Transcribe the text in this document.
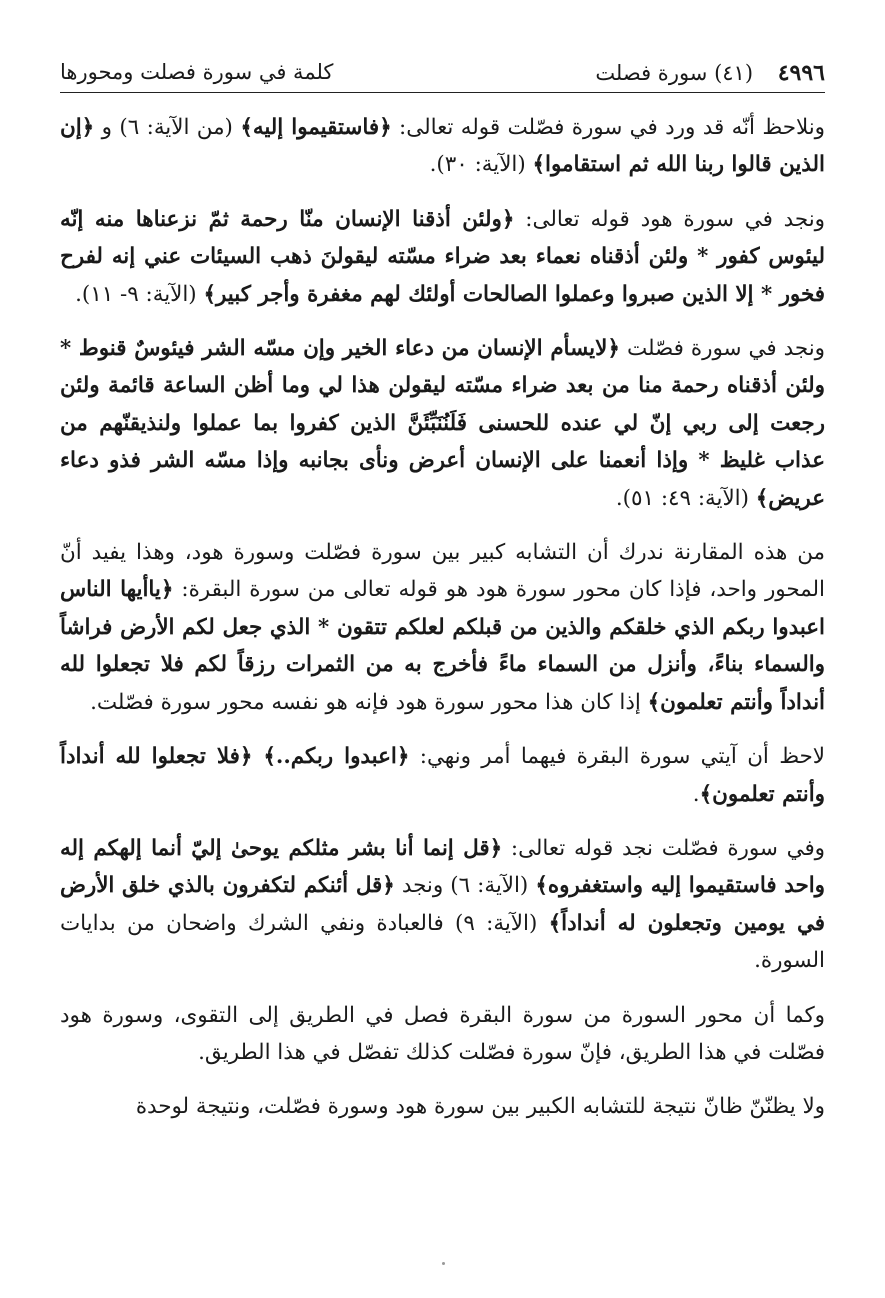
٤٩٩٦ (٤١) سورة فصلت
كلمة في سورة فصلت ومحورها

ونلاحظ أنّه قد ورد في سورة فصّلت قوله تعالى: ﴿فاستقيموا إليه﴾ (من الآية: ٦) و ﴿إن الذين قالوا ربنا الله ثم استقاموا﴾ (الآية: ٣٠).

ونجد في سورة هود قوله تعالى: ﴿ولئن أذقنا الإنسان منّا رحمة ثمّ نزعناها منه إنّه ليئوس كفور * ولئن أذقناه نعماء بعد ضراء مسّته ليقولنَ ذهب السيئات عني إنه لفرح فخور * إلا الذين صبروا وعملوا الصالحات أولئك لهم مغفرة وأجر كبير﴾ (الآية: ٩- ١١).

ونجد في سورة فصّلت ﴿لايسأم الإنسان من دعاء الخير وإن مسّه الشر فيئوسٌ قنوط * ولئن أذقناه رحمة منا من بعد ضراء مسّته ليقولن هذا لي وما أظن الساعة قائمة ولئن رجعت إلى ربي إنّ لي عنده للحسنى فَلَنُنَبِّئَنَّ الذين كفروا بما عملوا ولنذيقنّهم من عذاب غليظ * وإذا أنعمنا على الإنسان أعرض ونأى بجانبه وإذا مسّه الشر فذو دعاء عريض﴾ (الآية: ٤٩: ٥١).

من هذه المقارنة ندرك أن التشابه كبير بين سورة فصّلت وسورة هود، وهذا يفيد أنّ المحور واحد، فإذا كان محور سورة هود هو قوله تعالى من سورة البقرة: ﴿ياأيها الناس اعبدوا ربكم الذي خلقكم والذين من قبلكم لعلكم تتقون * الذي جعل لكم الأرض فراشاً والسماء بناءً، وأنزل من السماء ماءً فأخرج به من الثمرات رزقاً لكم فلا تجعلوا لله أنداداً وأنتم تعلمون﴾ إذا كان هذا محور سورة هود فإنه هو نفسه محور سورة فصّلت.

لاحظ أن آيتي سورة البقرة فيهما أمر ونهي: ﴿اعبدوا ربكم..﴾ ﴿فلا تجعلوا لله أنداداً وأنتم تعلمون﴾.

وفي سورة فصّلت نجد قوله تعالى: ﴿قل إنما أنا بشر مثلكم يوحىٰ إليّ أنما إلهكم إله واحد فاستقيموا إليه واستغفروه﴾ (الآية: ٦) ونجد ﴿قل أئنكم لتكفرون بالذي خلق الأرض في يومين وتجعلون له أنداداً﴾ (الآية: ٩) فالعبادة ونفي الشرك واضحان من بدايات السورة.

وكما أن محور السورة من سورة البقرة فصل في الطريق إلى التقوى، وسورة هود فصّلت في هذا الطريق، فإنّ سورة فصّلت كذلك تفصّل في هذا الطريق.

ولا يظنّنّ ظانّ نتيجة للتشابه الكبير بين سورة هود وسورة فصّلت، ونتيجة لوحدة
